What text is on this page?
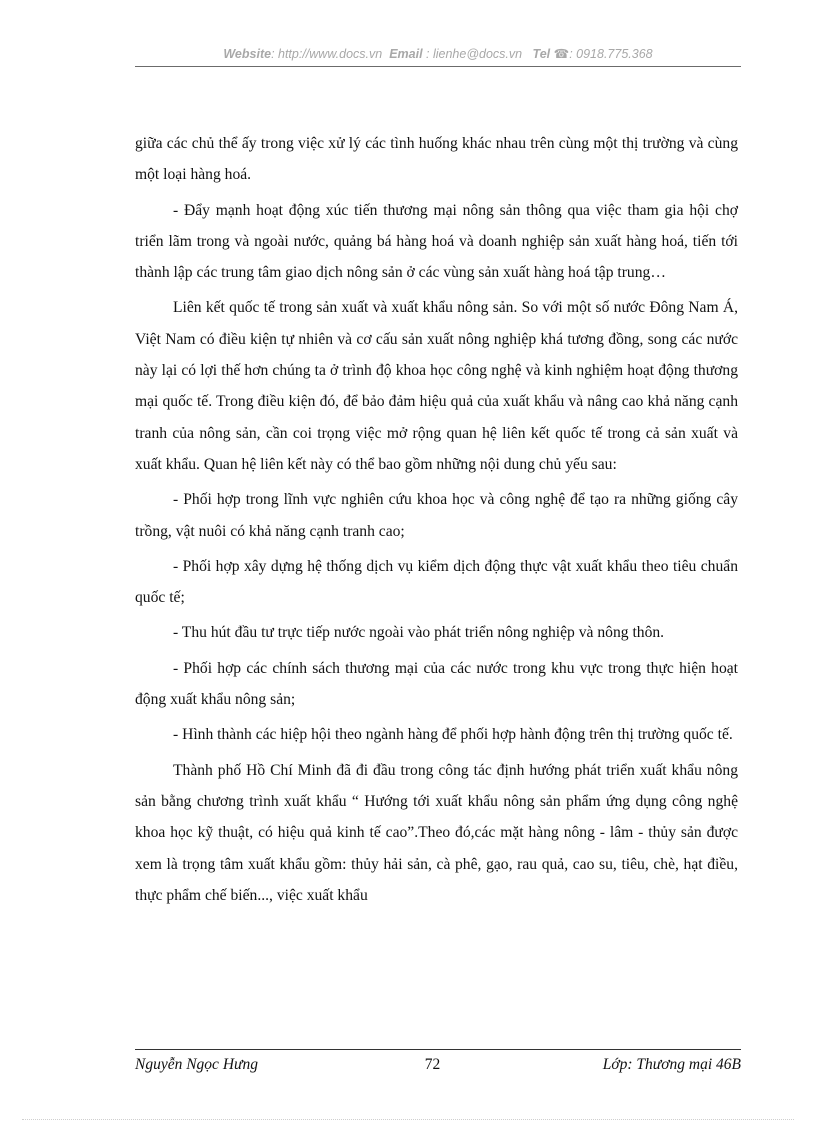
Website: http://www.docs.vn Email : lienhe@docs.vn Tel ☎: 0918.775.368

giữa các chủ thể ấy trong việc xử lý các tình huống khác nhau trên cùng một thị trường và cùng một loại hàng hoá.

- Đẩy mạnh hoạt động xúc tiến thương mại nông sản thông qua việc tham gia hội chợ triển lãm trong và ngoài nước, quảng bá hàng hoá và doanh nghiệp sản xuất hàng hoá, tiến tới thành lập các trung tâm giao dịch nông sản ở các vùng sản xuất hàng hoá tập trung…

Liên kết quốc tế trong sản xuất và xuất khẩu nông sản. So với một số nước Đông Nam Á, Việt Nam có điều kiện tự nhiên và cơ cấu sản xuất nông nghiệp khá tương đồng, song các nước này lại có lợi thế hơn chúng ta ở trình độ khoa học công nghệ và kinh nghiệm hoạt động thương mại quốc tế. Trong điều kiện đó, để bảo đảm hiệu quả của xuất khẩu và nâng cao khả năng cạnh tranh của nông sản, cần coi trọng việc mở rộng quan hệ liên kết quốc tế trong cả sản xuất và xuất khẩu. Quan hệ liên kết này có thể bao gồm những nội dung chủ yếu sau:

- Phối hợp trong lĩnh vực nghiên cứu khoa học và công nghệ để tạo ra những giống cây trồng, vật nuôi có khả năng cạnh tranh cao;

- Phối hợp xây dựng hệ thống dịch vụ kiểm dịch động thực vật xuất khẩu theo tiêu chuẩn quốc tế;

- Thu hút đầu tư trực tiếp nước ngoài vào phát triển nông nghiệp và nông thôn.

- Phối hợp các chính sách thương mại của các nước trong khu vực trong thực hiện hoạt động xuất khẩu nông sản;

- Hình thành các hiệp hội theo ngành hàng để phối hợp hành động trên thị trường quốc tế.

Thành phố Hồ Chí Minh đã đi đầu trong công tác định hướng phát triển xuất khẩu nông sản bằng chương trình xuất khẩu “ Hướng tới xuất khẩu nông sản phẩm ứng dụng công nghệ khoa học kỹ thuật, có hiệu quả kinh tế cao”.Theo đó,các mặt hàng nông - lâm - thủy sản được xem là trọng tâm xuất khẩu gồm: thủy hải sản, cà phê, gạo, rau quả, cao su, tiêu, chè, hạt điều, thực phẩm chế biến..., việc xuất khẩu

Nguyễn Ngọc Hưng	72	Lớp: Thương mại 46B
